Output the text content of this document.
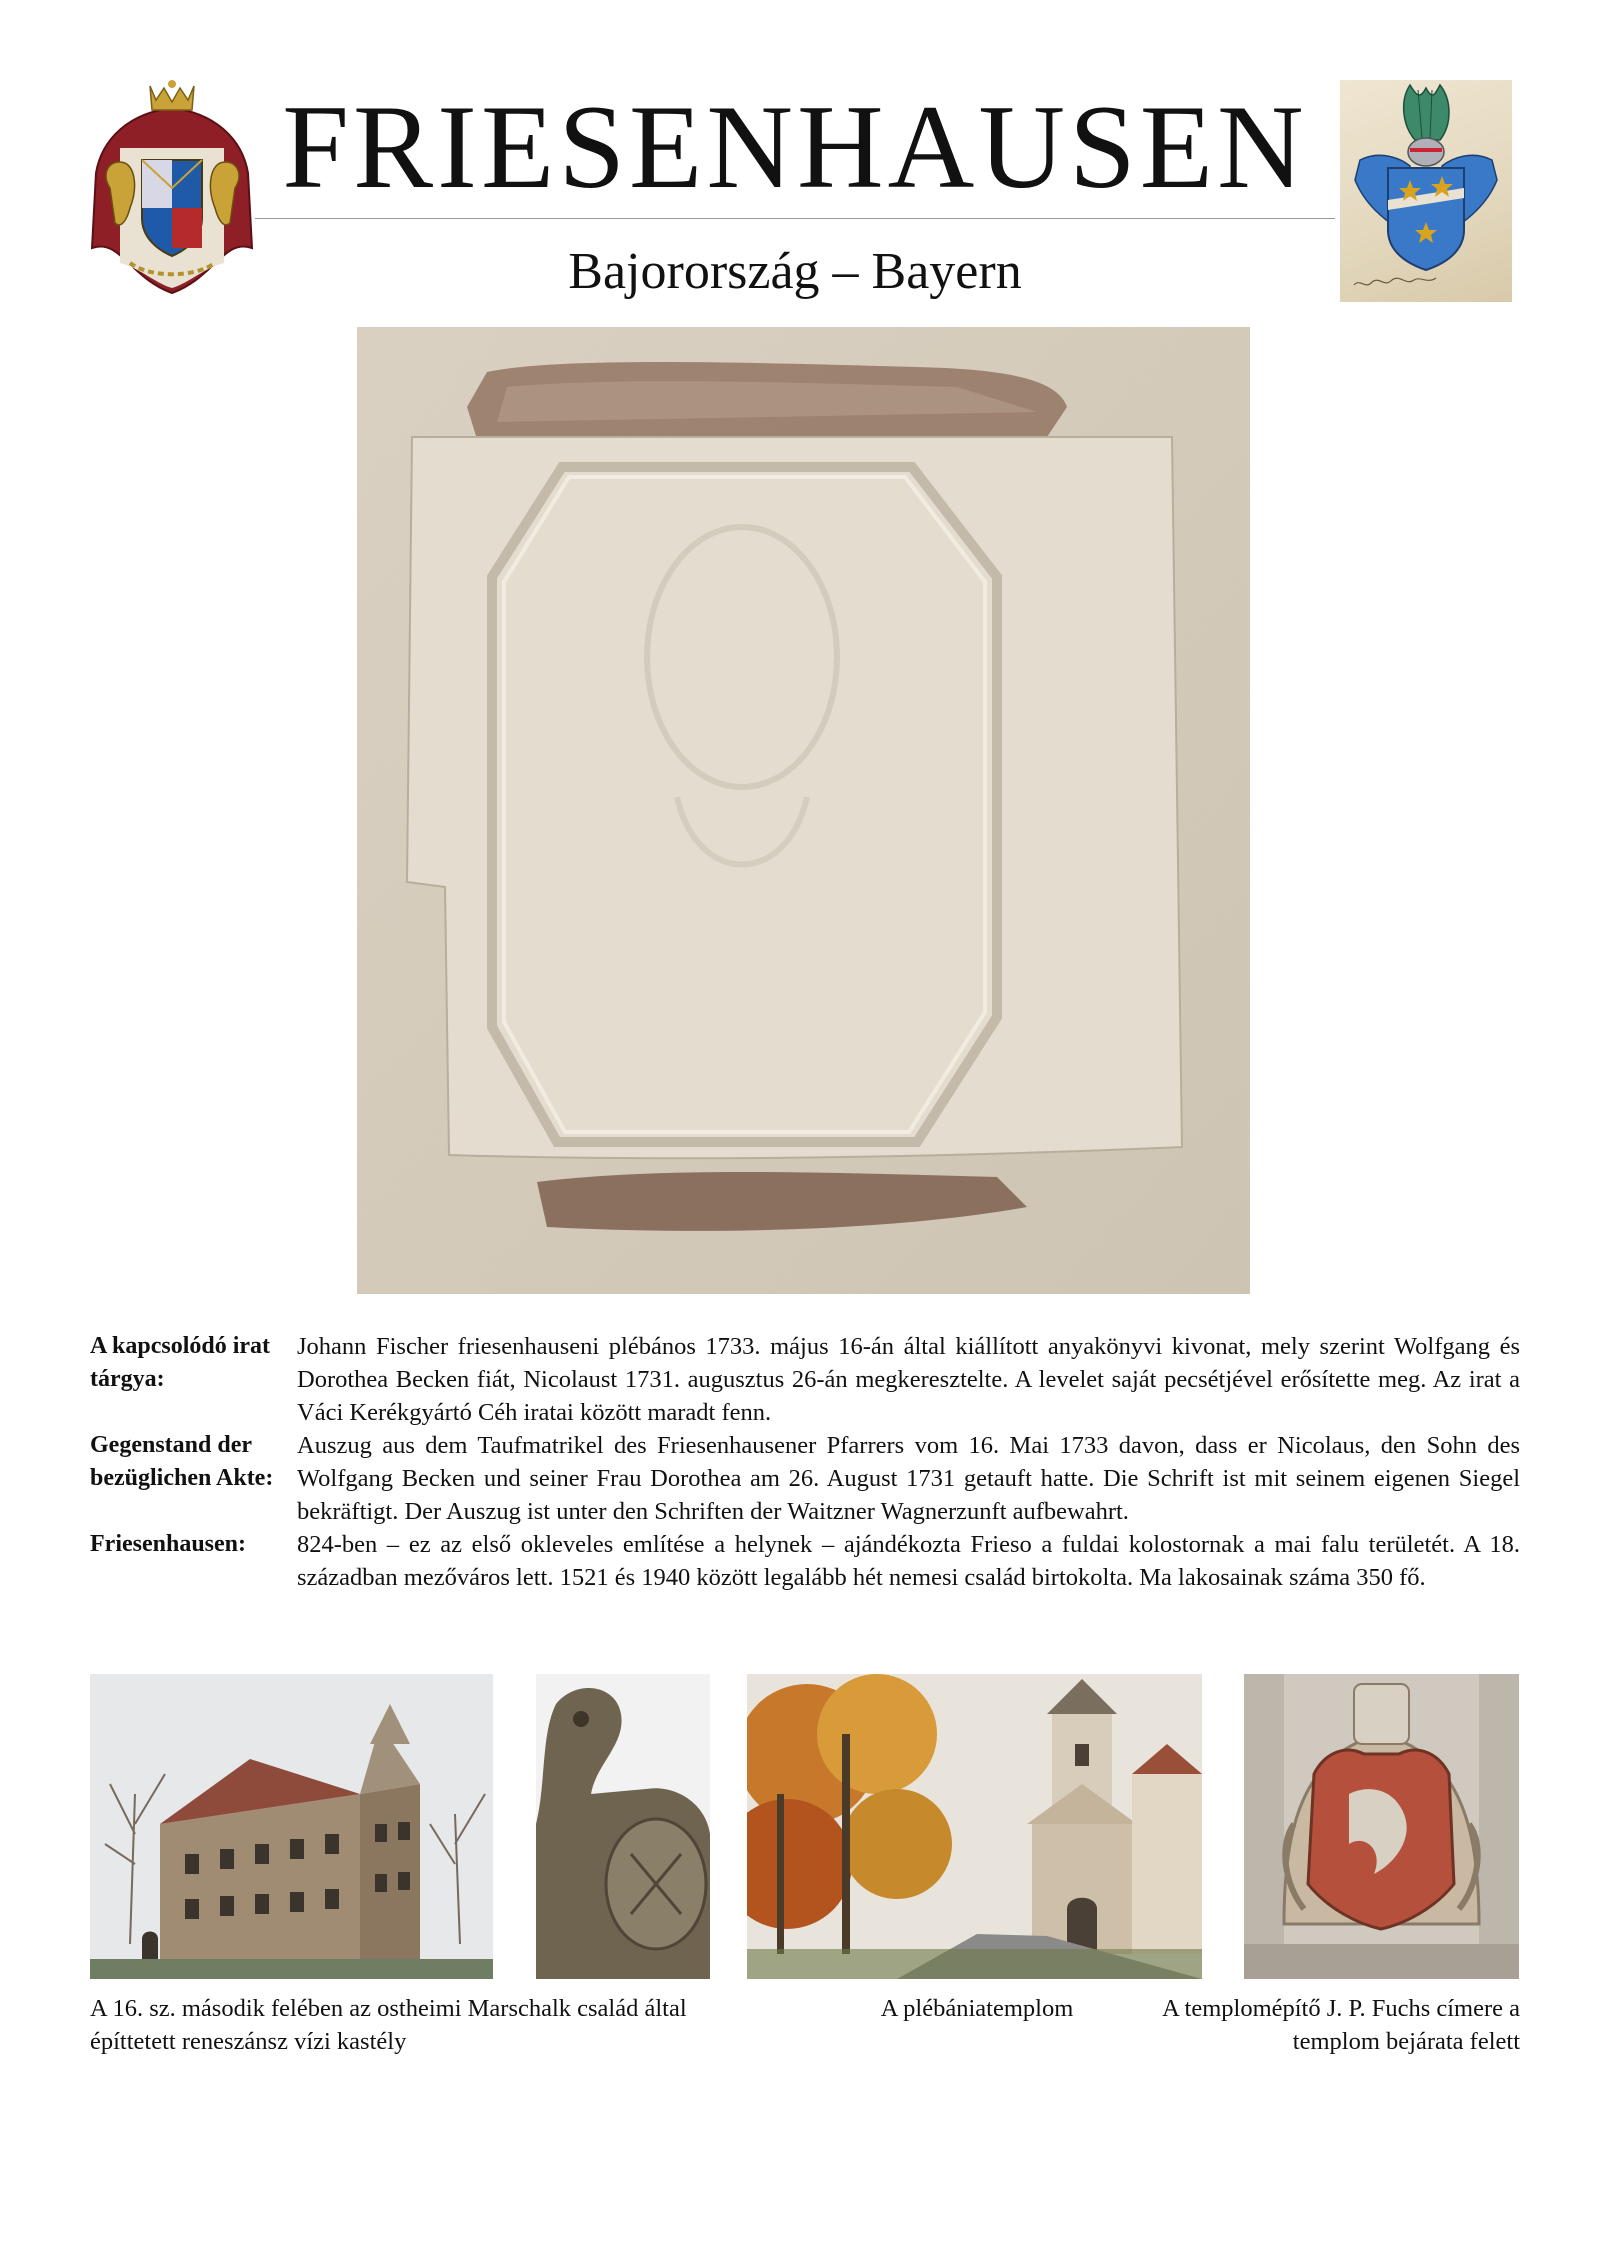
FRIESENHAUSEN
Bajorország – Bayern
A kapcsolódó irat tárgya:
Johann Fischer friesenhauseni plébános 1733. május 16-án által kiállított anyakönyvi kivonat, mely szerint Wolfgang és Dorothea Becken fiát, Nicolaust 1731. augusztus 26-án megkeresztelte. A levelet saját pecsétjével erősítette meg. Az irat a Váci Kerékgyártó Céh iratai között maradt fenn.
Gegenstand der bezüglichen Akte:
Auszug aus dem Taufmatrikel des Friesenhausener Pfarrers vom 16. Mai 1733 davon, dass er Nicolaus, den Sohn des Wolfgang Becken und seiner Frau Dorothea am 26. August 1731 getauft hatte. Die Schrift ist mit seinem eigenen Siegel bekräftigt. Der Auszug ist unter den Schriften der Waitzner Wagnerzunft aufbewahrt.
Friesenhausen:	824-ben – ez az első okleveles említése a helynek – ajándékozta Frieso a fuldai kolostornak a mai falu területét. A 18. században mezőváros lett. 1521 és 1940 között legalább hét nemesi család birtokolta. Ma lakosainak száma 350 fő.

A 16. sz. második felében az ostheimi Marschalk család által építtetett reneszánsz vízi kastély

A plébániatemplom	A templomépítő J. P. Fuchs címere a templom bejárata felett
